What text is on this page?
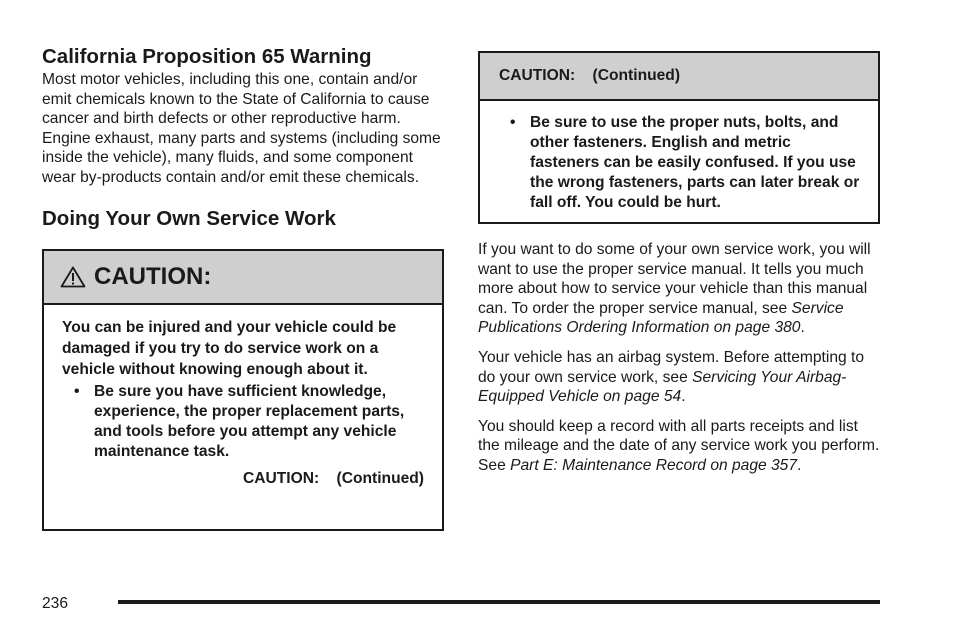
California Proposition 65 Warning

Most motor vehicles, including this one, contain and/or emit chemicals known to the State of California to cause cancer and birth defects or other reproductive harm. Engine exhaust, many parts and systems (including some inside the vehicle), many fluids, and some component wear by-products contain and/or emit these chemicals.

Doing Your Own Service Work
CAUTION:

You can be injured and your vehicle could be damaged if you try to do service work on a vehicle without knowing enough about it.

• Be sure you have sufficient knowledge, experience, the proper replacement parts, and tools before you attempt any vehicle maintenance task.
CAUTION:    (Continued)
CAUTION:    (Continued)
• Be sure to use the proper nuts, bolts, and other fasteners. English and metric fasteners can be easily confused. If you use the wrong fasteners, parts can later break or fall off. You could be hurt.

If you want to do some of your own service work, you will want to use the proper service manual. It tells you much more about how to service your vehicle than this manual can. To order the proper service manual, see Service Publications Ordering Information on page 380.

Your vehicle has an airbag system. Before attempting to do your own service work, see Servicing Your Airbag-Equipped Vehicle on page 54.

You should keep a record with all parts receipts and list the mileage and the date of any service work you perform. See Part E: Maintenance Record on page 357.

236
